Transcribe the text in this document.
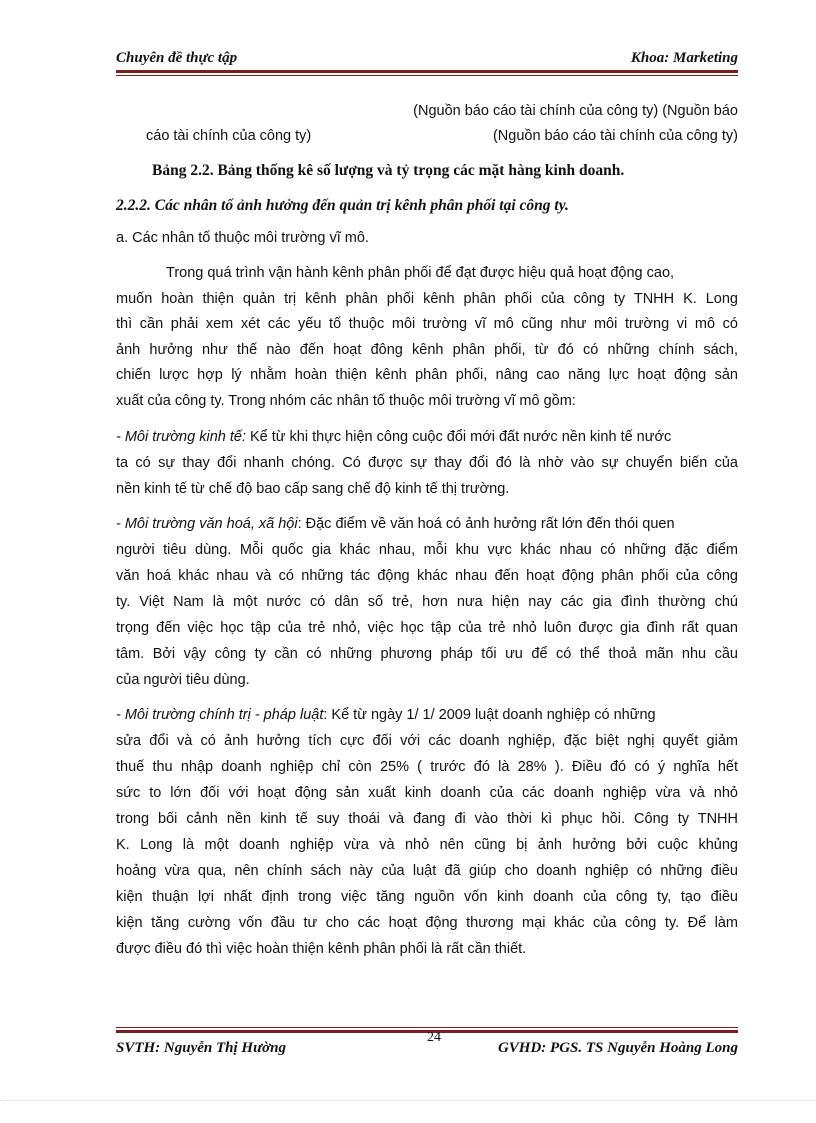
Chuyên đề thực tập	Khoa: Marketing
(Nguồn báo cáo tài chính của công ty) (Nguồn báo
cáo tài chính của công ty)	(Nguồn báo cáo tài chính của công ty)
Bảng 2.2. Bảng thống kê số lượng và tỷ trọng các mặt hàng kinh doanh.
2.2.2. Các nhân tố ảnh hưởng đến quản trị kênh phân phối tại công ty.
a. Các nhân tố thuộc môi trường vĩ mô.
Trong quá trình vận hành kênh phân phối để đạt được hiệu quả hoạt động cao,
muốn hoàn thiện quản trị kênh phân phối kênh phân phối của công ty TNHH K. Long
thì cần phải xem xét các yếu tố thuộc môi trường vĩ mô cũng như môi trường vi mô có
ảnh hưởng như thế nào đến hoạt đông kênh phân phối, từ đó có những chính sách,
chiến lược hợp lý nhằm hoàn thiện kênh phân phối, nâng cao năng lực hoạt động sản
xuất của công ty. Trong nhóm các nhân tố thuộc môi trường vĩ mô gồm:
- Môi trường kinh tế: Kể từ khi thực hiện công cuộc đổi mới đất nước nền kinh tế nước
ta có sự thay đổi nhanh chóng. Có được sự thay đổi đó là nhờ vào sự chuyển biến của
nền kinh tế từ chế độ bao cấp sang chế độ kinh tế thị trường.
- Môi trường văn hoá, xã hội: Đặc điểm về văn hoá có ảnh hưởng rất lớn đến thói quen
người tiêu dùng. Mỗi quốc gia khác nhau, mỗi khu vực khác nhau có những đặc điểm
văn hoá khác nhau và có những tác động khác nhau đến hoạt động phân phối của công
ty. Việt Nam là một nước có dân số trẻ, hơn nưa hiện nay các gia đình thường chú
trọng đến việc học tập của trẻ nhỏ, việc học tập của trẻ nhỏ luôn được gia đình rất quan
tâm. Bởi vậy công ty cần có những phương pháp tối ưu để có thể thoả mãn nhu cầu
của người tiêu dùng.
- Môi trường chính trị - pháp luật: Kể từ ngày 1/ 1/ 2009 luật doanh nghiệp có những
sửa đổi và có ảnh hưởng tích cực đối với các doanh nghiệp, đặc biệt nghị quyết giảm
thuế thu nhập doanh nghiệp chỉ còn 25% ( trước đó là 28% ). Điều đó có ý nghĩa hết
sức to lớn đối với hoạt động sản xuất kinh doanh của các doanh nghiệp vừa và nhỏ
trong bối cảnh nền kinh tế suy thoái và đang đi vào thời kì phục hồi. Công ty TNHH
K. Long là một doanh nghiệp vừa và nhỏ nên cũng bị ảnh hưởng bởi cuộc khủng
hoảng vừa qua, nên chính sách này của luật đã giúp cho doanh nghiệp có những điều
kiện thuận lợi nhất định trong việc tăng nguồn vốn kinh doanh của công ty, tạo điều
kiện tăng cường vốn đầu tư cho các hoạt động thương mại khác của công ty. Để làm
được điều đó thì việc hoàn thiện kênh phân phối là rất cần thiết.
SVTH: Nguyễn Thị Hường
24
GVHD: PGS. TS Nguyễn Hoàng Long
